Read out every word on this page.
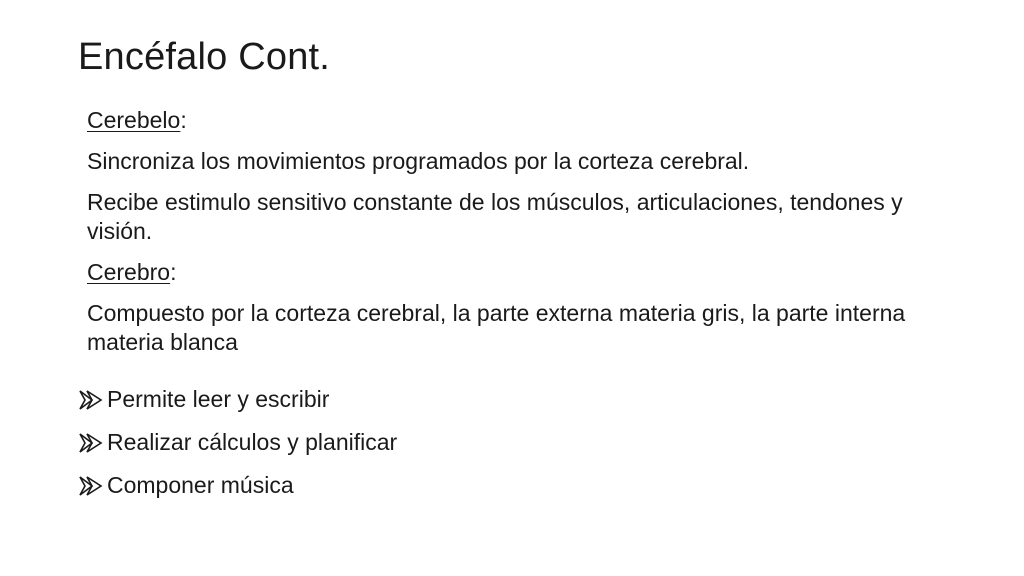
Encéfalo Cont.

Cerebelo:

Sincroniza los movimientos programados por la corteza cerebral.

Recibe estimulo sensitivo constante de los músculos, articulaciones, tendones y visión.

Cerebro:

Compuesto por la corteza cerebral, la parte externa materia gris, la parte interna materia blanca

Permite leer y escribir
Realizar cálculos y planificar
Componer música
